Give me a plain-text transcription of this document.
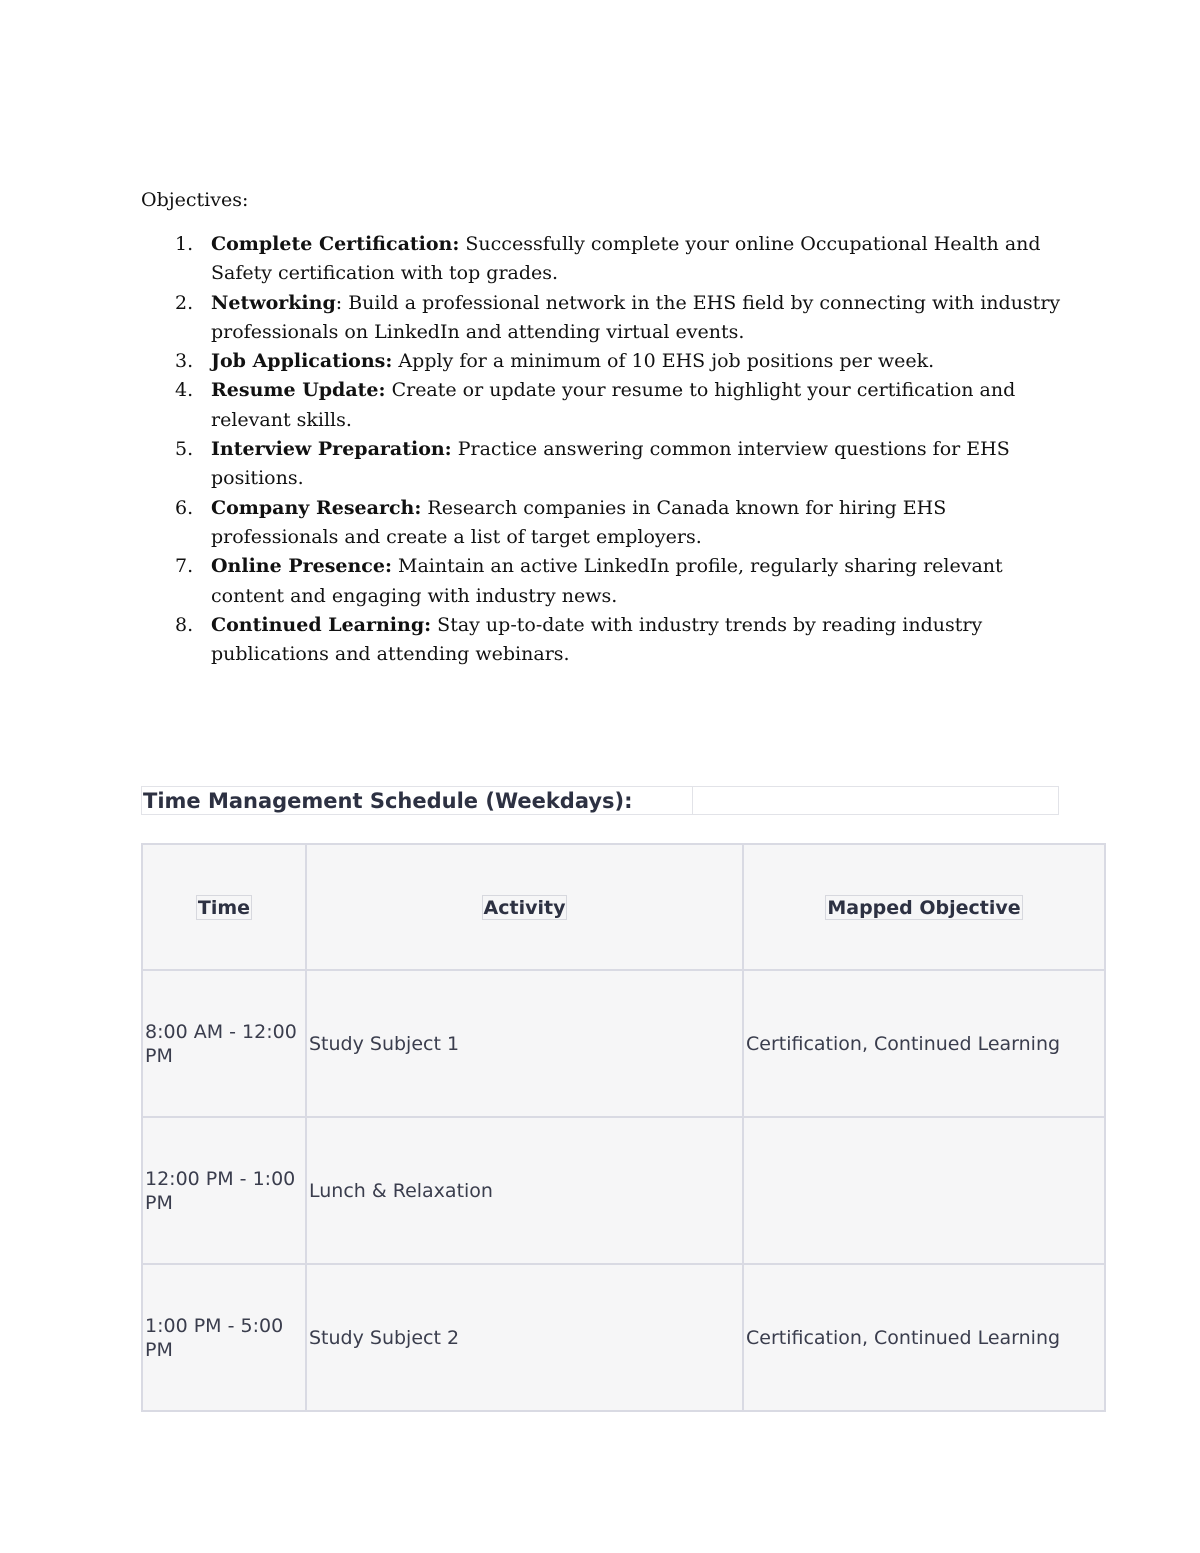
Objectives:
1. Complete Certification: Successfully complete your online Occupational Health and Safety certification with top grades.
2. Networking: Build a professional network in the EHS field by connecting with industry professionals on LinkedIn and attending virtual events.
3. Job Applications: Apply for a minimum of 10 EHS job positions per week.
4. Resume Update: Create or update your resume to highlight your certification and relevant skills.
5. Interview Preparation: Practice answering common interview questions for EHS positions.
6. Company Research: Research companies in Canada known for hiring EHS professionals and create a list of target employers.
7. Online Presence: Maintain an active LinkedIn profile, regularly sharing relevant content and engaging with industry news.
8. Continued Learning: Stay up-to-date with industry trends by reading industry publications and attending webinars.
Time Management Schedule (Weekdays):
Time	Activity	Mapped Objective
8:00 AM - 12:00 PM	Study Subject 1	Certification, Continued Learning
12:00 PM - 1:00 PM	Lunch & Relaxation	
1:00 PM - 5:00 PM	Study Subject 2	Certification, Continued Learning
